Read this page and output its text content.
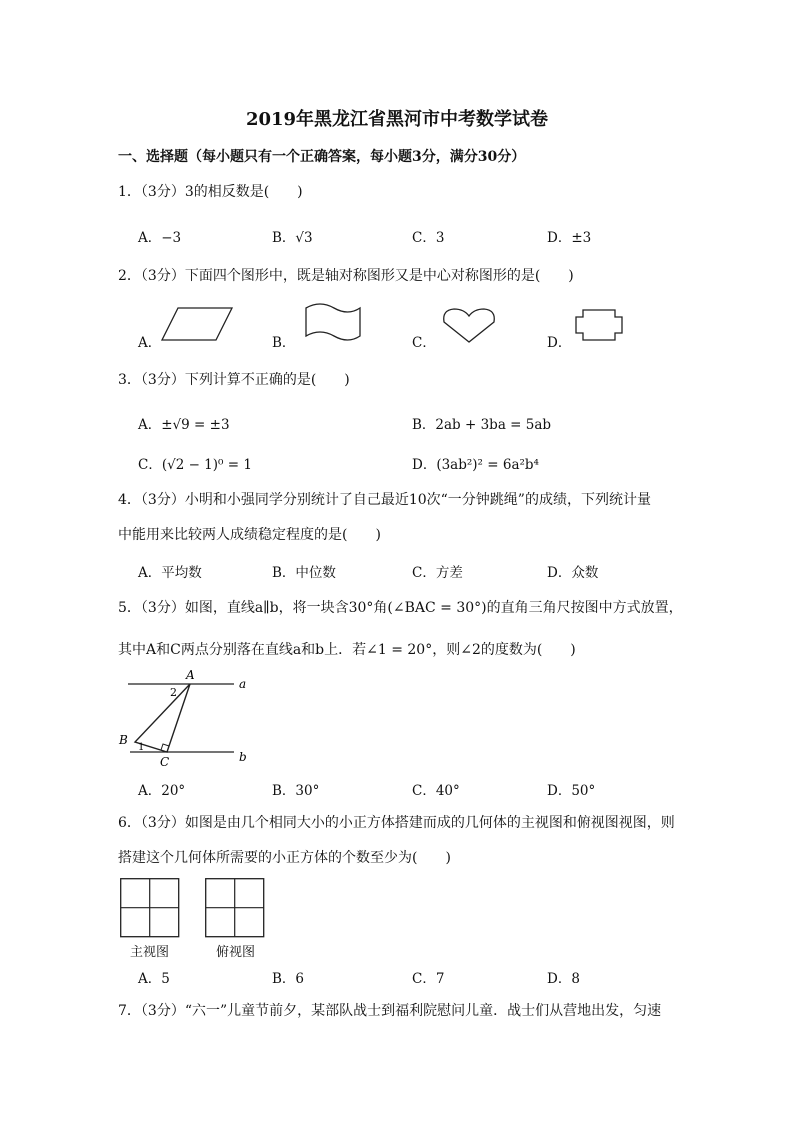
2019年黑龙江省黑河市中考数学试卷
一、选择题（每小题只有一个正确答案，每小题3分，满分30分）
1．（3分）3的相反数是(　　)
A．−3	B．√3	C．3	D．±3
2．（3分）下面四个图形中，既是轴对称图形又是中心对称图形的是(　　)
A．	B．	C．	D．
3．（3分）下列计算不正确的是(　　)
A．±√9 = ±3	B．2ab + 3ba = 5ab
C．(√2 − 1)⁰ = 1	D．(3ab²)² = 6a²b⁴
4．（3分）小明和小强同学分别统计了自己最近10次“一分钟跳绳”的成绩，下列统计量
中能用来比较两人成绩稳定程度的是(　　)
A．平均数	B．中位数	C．方差	D．众数
5．（3分）如图，直线a∥b，将一块含30°角(∠BAC = 30°)的直角三角尺按图中方式放置，
其中A和C两点分别落在直线a和b上．若∠1 = 20°，则∠2的度数为(　　)
A
B
C
a
b
1
2
A．20°	B．30°	C．40°	D．50°
6．（3分）如图是由几个相同大小的小正方体搭建而成的几何体的主视图和俯视图视图，则
搭建这个几何体所需要的小正方体的个数至少为(　　)
主视图	俯视图
A．5	B．6	C．7	D．8
7．（3分）“六一”儿童节前夕，某部队战士到福利院慰问儿童．战士们从营地出发，匀速
